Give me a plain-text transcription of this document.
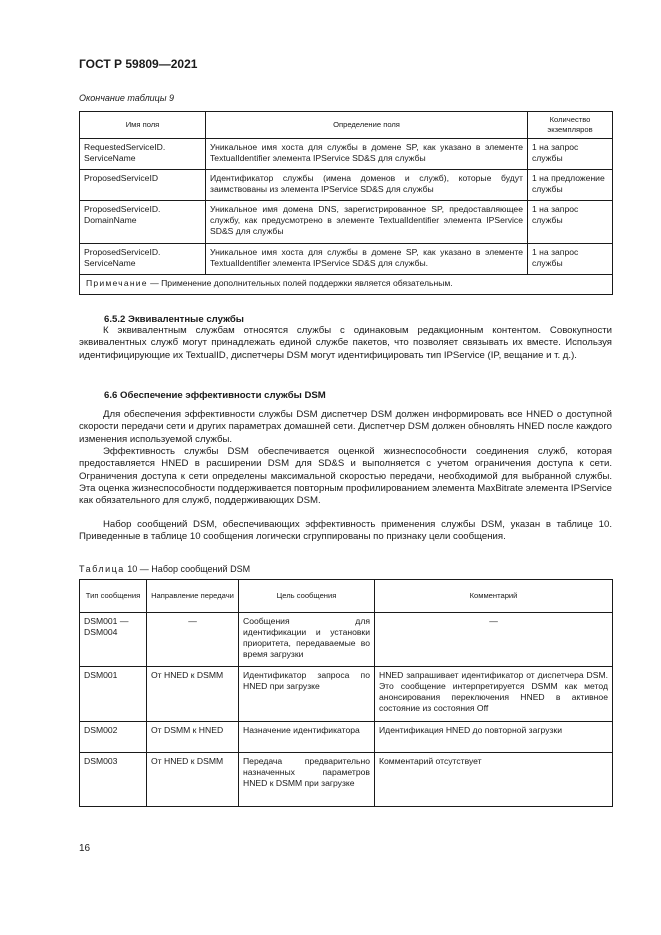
ГОСТ Р 59809—2021
Окончание таблицы 9
Имя поля	Определение поля	Количество экземпляров
RequestedServiceID. ServiceName	Уникальное имя хоста для службы в домене SP, как указано в элементе TextualIdentifier элемента IPService SD&S для службы	1 на запрос службы
ProposedServiceID	Идентификатор службы (имена доменов и служб), которые будут заимствованы из элемента IPService SD&S для службы	1 на предложение службы
ProposedServiceID. DomainName	Уникальное имя домена DNS, зарегистрированное SP, предоставляющее службу, как предусмотрено в элементе TextualIdentifier элемента IPService SD&S для службы	1 на запрос службы
ProposedServiceID. ServiceName	Уникальное имя хоста для службы в домене SP, как указано в элементе TextualIdentifier элемента IPService SD&S для службы.	1 на запрос службы
Примечание — Применение дополнительных полей поддержки является обязательным.		
6.5.2 Эквивалентные службы
К эквивалентным службам относятся службы с одинаковым редакционным контентом. Совокупности эквивалентных служб могут принадлежать единой службе пакетов, что позволяет связывать их вместе. Используя идентифицирующие их TextualID, диспетчеры DSM могут идентифицировать тип IPService (IP, вещание и т. д.).
6.6 Обеспечение эффективности службы DSM
Для обеспечения эффективности службы DSM диспетчер DSM должен информировать все HNED о доступной скорости передачи сети и других параметрах домашней сети. Диспетчер DSM должен обновлять HNED после каждого изменения используемой службы.
Эффективность службы DSM обеспечивается оценкой жизнеспособности соединения служб, которая предоставляется HNED в расширении DSM для SD&S и выполняется с учетом ограничения доступа к сети. Ограничения доступа к сети определены максимальной скоростью передачи, необходимой для выбранной службы. Эта оценка жизнеспособности поддерживается повторным профилированием элемента MaxBitrate элемента IPService как обязательного для служб, поддерживающих DSM.
Набор сообщений DSM, обеспечивающих эффективность применения службы DSM, указан в таблице 10. Приведенные в таблице 10 сообщения логически сгруппированы по признаку цели сообщения.
Таблица 10 — Набор сообщений DSM
Тип сообщения	Направление передачи	Цель сообщения	Комментарий
DSM001 — DSM004	—	Сообщения для идентификации и установки приоритета, передаваемые во время загрузки	—
DSM001	От HNED к DSMM	Идентификатор запроса по HNED при загрузке	HNED запрашивает идентификатор от диспетчера DSM. Это сообщение интерпретируется DSMM как метод анонсирования переключения HNED в активное состояние из состояния Off
DSM002	От DSMM к HNED	Назначение идентификатора	Идентификация HNED до повторной загрузки
DSM003	От HNED к DSMM	Передача предварительно назначенных параметров HNED к DSMM при загрузке	Комментарий отсутствует
16
